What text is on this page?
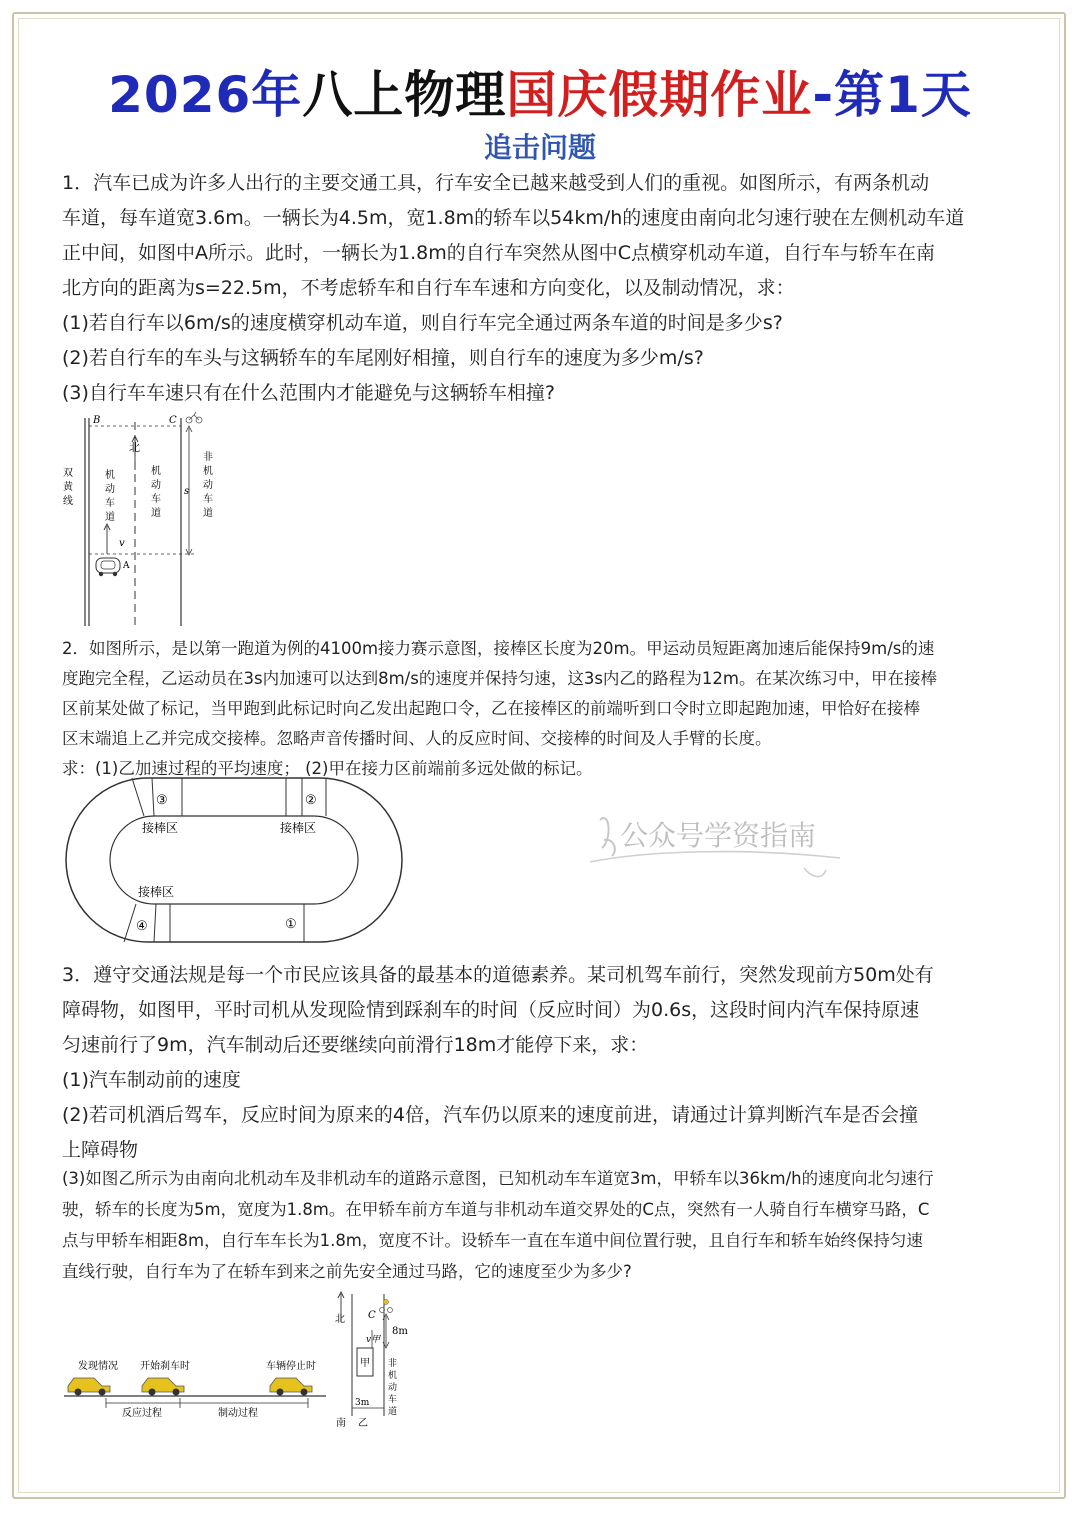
2026年八上物理国庆假期作业-第1天
追击问题
1．汽车已成为许多人出行的主要交通工具，行车安全已越来越受到人们的重视。如图所示，有两条机动
车道，每车道宽3.6m。一辆长为4.5m，宽1.8m的轿车以54km/h的速度由南向北匀速行驶在左侧机动车道
正中间，如图中A所示。此时，一辆长为1.8m的自行车突然从图中C点横穿机动车道，自行车与轿车在南
北方向的距离为s=22.5m，不考虑轿车和自行车车速和方向变化，以及制动情况，求：
(1)若自行车以6m/s的速度横穿机动车道，则自行车完全通过两条车道的时间是多少s?
(2)若自行车的车头与这辆轿车的车尾刚好相撞，则自行车的速度为多少m/s?
(3)自行车车速只有在什么范围内才能避免与这辆轿车相撞?
B	C
北
双
黄
线
机
动
车
道
机
动
车
道
非
机
动
车
道
s
v
A
2．如图所示，是以第一跑道为例的4100m接力赛示意图，接棒区长度为20m。甲运动员短距离加速后能保持9m/s的速
度跑完全程，乙运动员在3s内加速可以达到8m/s的速度并保持匀速，这3s内乙的路程为12m。在某次练习中，甲在接棒
区前某处做了标记，当甲跑到此标记时向乙发出起跑口令，乙在接棒区的前端听到口令时立即起跑加速，甲恰好在接棒
区末端追上乙并完成交接棒。忽略声音传播时间、人的反应时间、交接棒的时间及人手臂的长度。
求：(1)乙加速过程的平均速度； (2)甲在接力区前端前多远处做的标记。
③	②
④	①
接棒区	接棒区
接棒区
公众号学资指南
3．遵守交通法规是每一个市民应该具备的最基本的道德素养。某司机驾车前行，突然发现前方50m处有
障碍物，如图甲，平时司机从发现险情到踩刹车的时间（反应时间）为0.6s，这段时间内汽车保持原速
匀速前行了9m，汽车制动后还要继续向前滑行18m才能停下来，求：
(1)汽车制动前的速度
(2)若司机酒后驾车，反应时间为原来的4倍，汽车仍以原来的速度前进，请通过计算判断汽车是否会撞
上障碍物
(3)如图乙所示为由南向北机动车及非机动车的道路示意图，已知机动车车道宽3m，甲轿车以36km/h的速度向北匀速行
驶，轿车的长度为5m，宽度为1.8m。在甲轿车前方车道与非机动车道交界处的C点，突然有一人骑自行车横穿马路，C
点与甲轿车相距8m，自行车车长为1.8m，宽度不计。设轿车一直在车道中间位置行驶，且自行车和轿车始终保持匀速
直线行驶，自行车为了在轿车到来之前先安全通过马路，它的速度至少为多少?
发现情况 开始刹车时	车辆停止时
反应过程	制动过程
北 C
8m
v甲
甲 非
机
动
车
道
3m
南 乙
